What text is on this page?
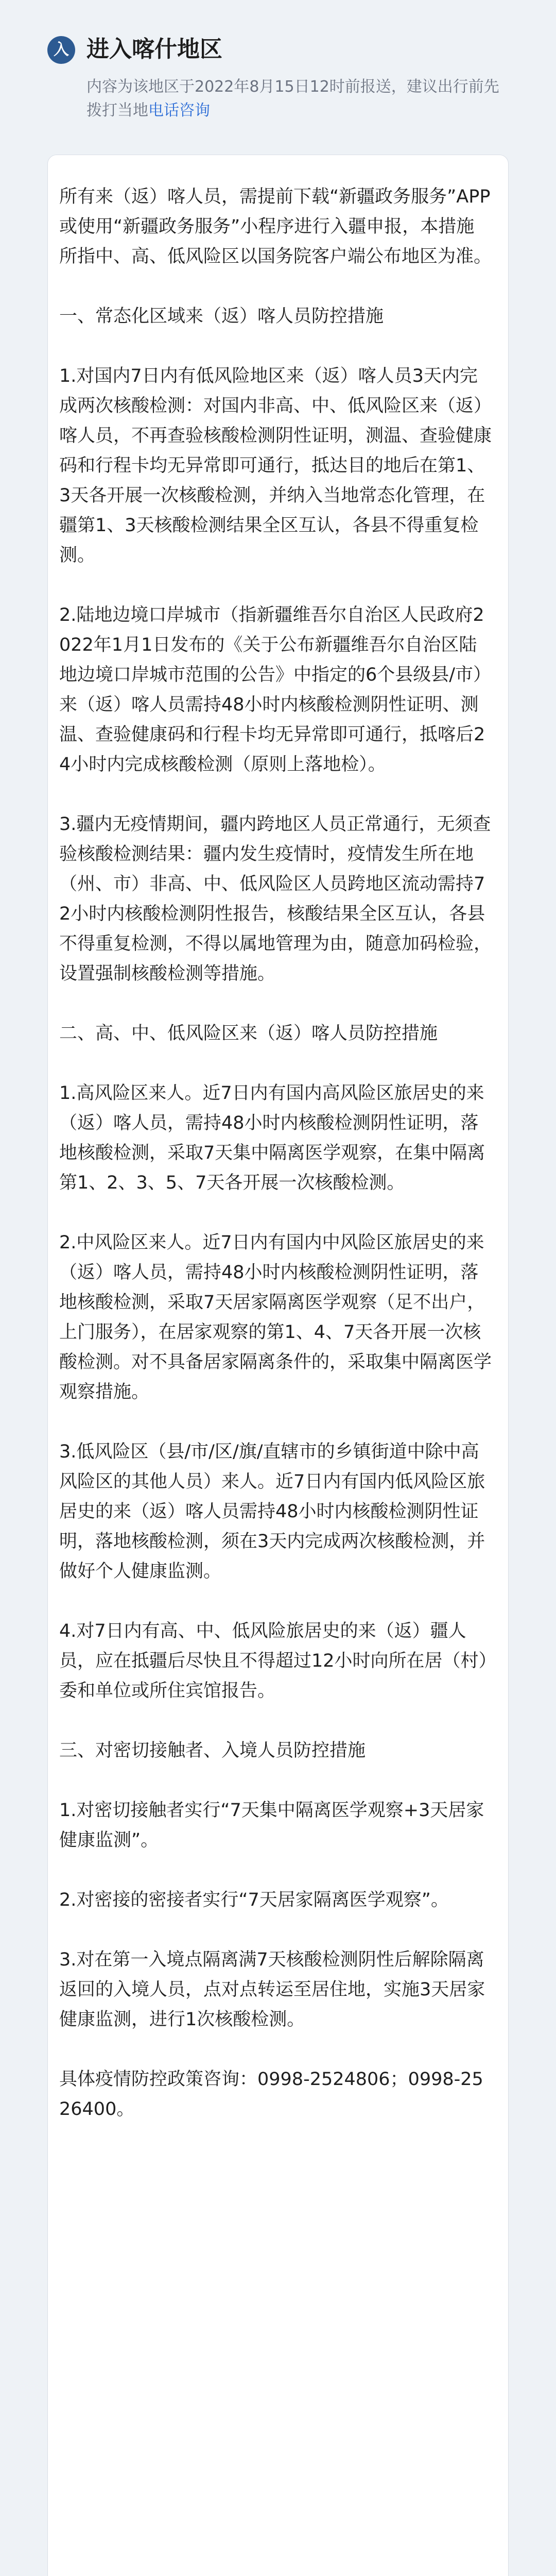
入 进入喀什地区
内容为该地区于2022年8月15日12时前报送，建议出行前先拨打当地电话咨询

所有来（返）喀人员，需提前下载“新疆政务服务”APP或使用“新疆政务服务”小程序进行入疆申报，本措施所指中、高、低风险区以国务院客户端公布地区为准。

一、常态化区域来（返）喀人员防控措施

1.对国内7日内有低风险地区来（返）喀人员3天内完成两次核酸检测：对国内非高、中、低风险区来（返）喀人员，不再查验核酸检测阴性证明，测温、查验健康码和行程卡均无异常即可通行，抵达目的地后在第1、3天各开展一次核酸检测，并纳入当地常态化管理，在疆第1、3天核酸检测结果全区互认，各县不得重复检测。

2.陆地边境口岸城市（指新疆维吾尔自治区人民政府2022年1月1日发布的《关于公布新疆维吾尔自治区陆地边境口岸城市范围的公告》中指定的6个县级县/市）来（返）喀人员需持48小时内核酸检测阴性证明、测温、查验健康码和行程卡均无异常即可通行，抵喀后24小时内完成核酸检测（原则上落地检）。

3.疆内无疫情期间，疆内跨地区人员正常通行，无须查验核酸检测结果：疆内发生疫情时，疫情发生所在地（州、市）非高、中、低风险区人员跨地区流动需持72小时内核酸检测阴性报告，核酸结果全区互认，各县不得重复检测，不得以属地管理为由，随意加码检验，设置强制核酸检测等措施。

二、高、中、低风险区来（返）喀人员防控措施

1.高风险区来人。近7日内有国内高风险区旅居史的来（返）喀人员，需持48小时内核酸检测阴性证明，落地核酸检测，采取7天集中隔离医学观察，在集中隔离第1、2、3、5、7天各开展一次核酸检测。

2.中风险区来人。近7日内有国内中风险区旅居史的来（返）喀人员，需持48小时内核酸检测阴性证明，落地核酸检测，采取7天居家隔离医学观察（足不出户，上门服务），在居家观察的第1、4、7天各开展一次核酸检测。对不具备居家隔离条件的，采取集中隔离医学观察措施。

3.低风险区（县/市/区/旗/直辖市的乡镇街道中除中高风险区的其他人员）来人。近7日内有国内低风险区旅居史的来（返）喀人员需持48小时内核酸检测阴性证明，落地核酸检测，须在3天内完成两次核酸检测，并做好个人健康监测。

4.对7日内有高、中、低风险旅居史的来（返）疆人员，应在抵疆后尽快且不得超过12小时向所在居（村）委和单位或所住宾馆报告。

三、对密切接触者、入境人员防控措施

1.对密切接触者实行“7天集中隔离医学观察+3天居家健康监测”。

2.对密接的密接者实行“7天居家隔离医学观察”。

3.对在第一入境点隔离满7天核酸检测阴性后解除隔离返回的入境人员，点对点转运至居住地，实施3天居家健康监测，进行1次核酸检测。

具体疫情防控政策咨询：0998-2524806；0998-2526400。
